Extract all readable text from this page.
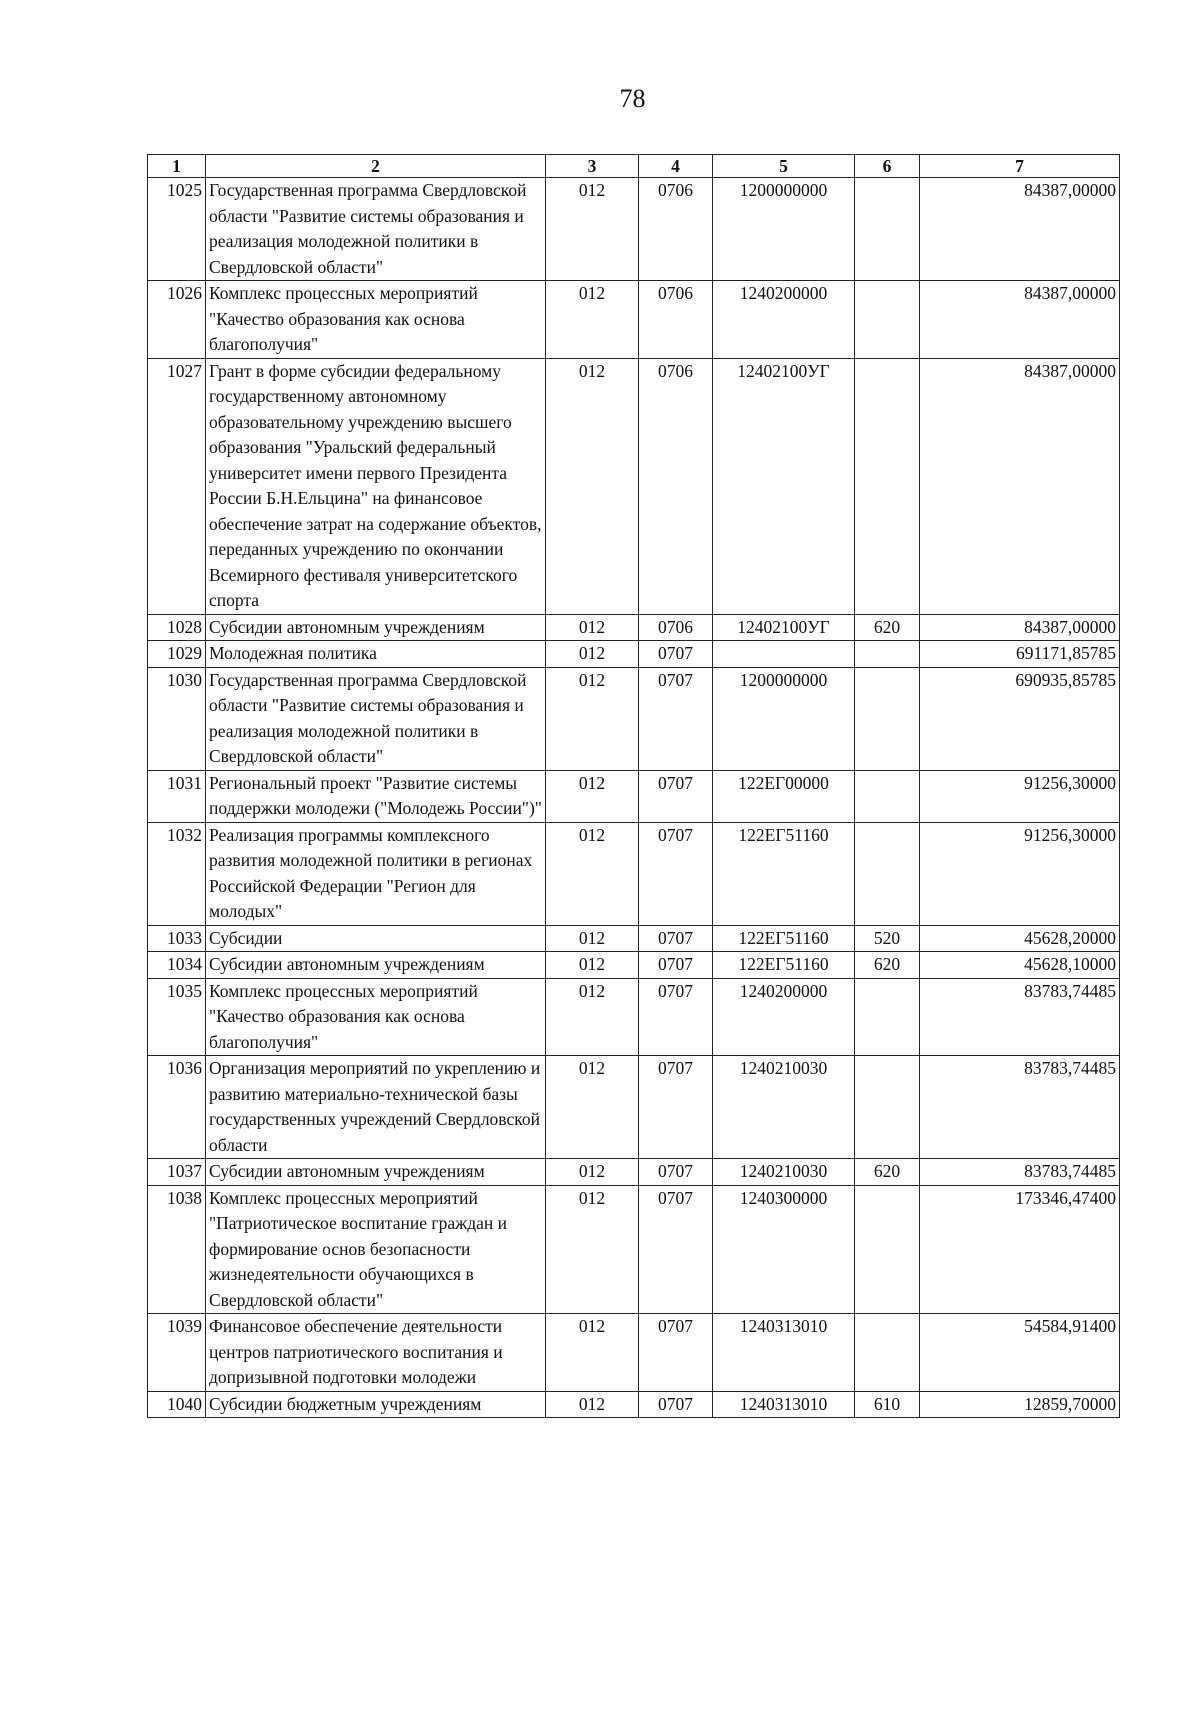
78
1	2	3	4	5	6	7
1025	Государственная программа Свердловской области "Развитие системы образования и реализация молодежной политики в Свердловской области"	012	0706	1200000000		84387,00000
1026	Комплекс процессных мероприятий "Качество образования как основа благополучия"	012	0706	1240200000		84387,00000
1027	Грант в форме субсидии федеральному государственному автономному образовательному учреждению высшего образования "Уральский федеральный университет имени первого Президента России Б.Н.Ельцина" на финансовое обеспечение затрат на содержание объектов, переданных учреждению по окончании Всемирного фестиваля университетского спорта	012	0706	12402100УГ		84387,00000
1028	Субсидии автономным учреждениям	012	0706	12402100УГ	620	84387,00000
1029	Молодежная политика	012	0707			691171,85785
1030	Государственная программа Свердловской области "Развитие системы образования и реализация молодежной политики в Свердловской области"	012	0707	1200000000		690935,85785
1031	Региональный проект "Развитие системы поддержки молодежи ("Молодежь России")"	012	0707	122ЕГ00000		91256,30000
1032	Реализация программы комплексного развития молодежной политики в регионах Российской Федерации "Регион для молодых"	012	0707	122ЕГ51160		91256,30000
1033	Субсидии	012	0707	122ЕГ51160	520	45628,20000
1034	Субсидии автономным учреждениям	012	0707	122ЕГ51160	620	45628,10000
1035	Комплекс процессных мероприятий "Качество образования как основа благополучия"	012	0707	1240200000		83783,74485
1036	Организация мероприятий по укреплению и развитию материально-технической базы государственных учреждений Свердловской области	012	0707	1240210030		83783,74485
1037	Субсидии автономным учреждениям	012	0707	1240210030	620	83783,74485
1038	Комплекс процессных мероприятий "Патриотическое воспитание граждан и формирование основ безопасности жизнедеятельности обучающихся в Свердловской области"	012	0707	1240300000		173346,47400
1039	Финансовое обеспечение деятельности центров патриотического воспитания и допризывной подготовки молодежи	012	0707	1240313010		54584,91400
1040	Субсидии бюджетным учреждениям	012	0707	1240313010	610	12859,70000
